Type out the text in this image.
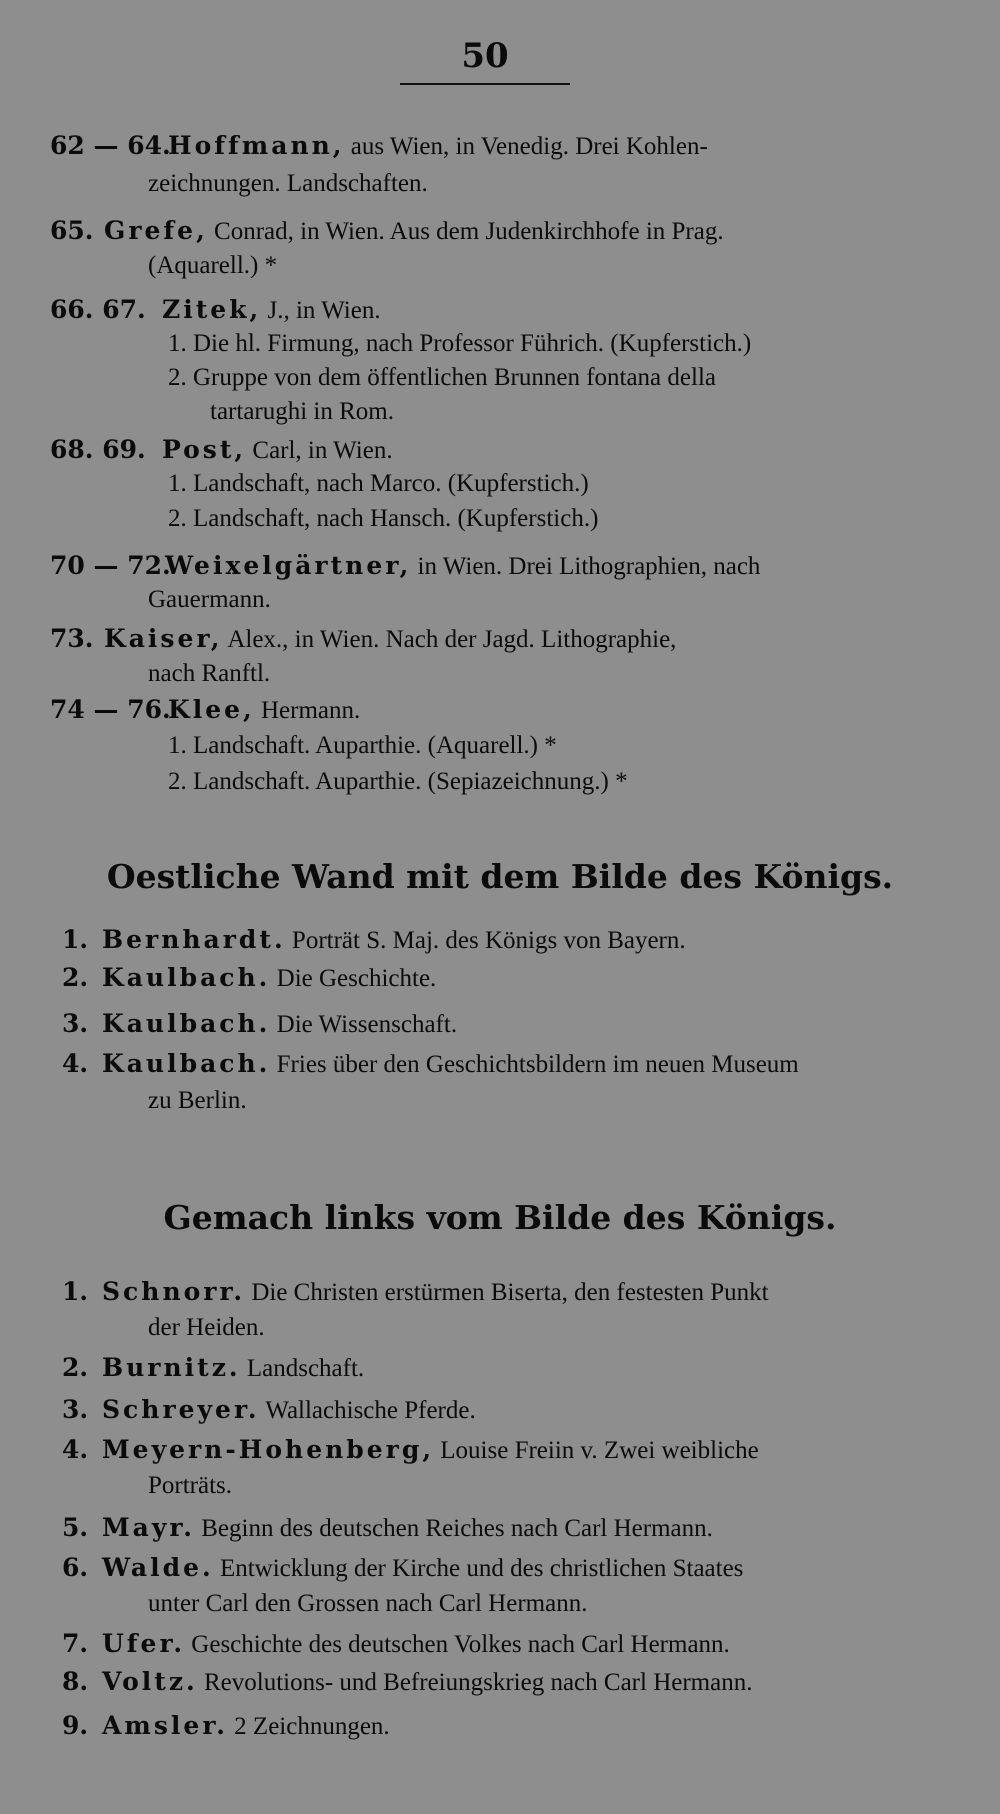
50
62 — 64.
Hoffmann, aus Wien, in Venedig. Drei Kohlen-
zeichnungen. Landschaften.
65. Grefe, Conrad, in Wien. Aus dem Judenkirchhofe in Prag.
(Aquarell.) *
66. 67. Zitek, J., in Wien.
1. Die hl. Firmung, nach Professor Führich. (Kupferstich.)
2. Gruppe von dem öffentlichen Brunnen fontana della
tartarughi in Rom.
68. 69. Post, Carl, in Wien.
1. Landschaft, nach Marco. (Kupferstich.)
2. Landschaft, nach Hansch. (Kupferstich.)
70 — 72.
Weixelgärtner, in Wien. Drei Lithographien, nach
Gauermann.
73. Kaiser, Alex., in Wien. Nach der Jagd. Lithographie,
nach Ranftl.
74 — 76.
Klee, Hermann.
1. Landschaft. Auparthie. (Aquarell.) *
2. Landschaft. Auparthie. (Sepiazeichnung.) *
Oestliche Wand mit dem Bilde des Königs.
1. Bernhardt. Porträt S. Maj. des Königs von Bayern.
2. Kaulbach. Die Geschichte.
3. Kaulbach. Die Wissenschaft.
4. Kaulbach. Fries über den Geschichtsbildern im neuen Museum
zu Berlin.
Gemach links vom Bilde des Königs.
1. Schnorr. Die Christen erstürmen Biserta, den festesten Punkt
der Heiden.
2. Burnitz. Landschaft.
3. Schreyer. Wallachische Pferde.
4. Meyern-Hohenberg, Louise Freiin v. Zwei weibliche
Porträts.
5. Mayr. Beginn des deutschen Reiches nach Carl Hermann.
6. Walde. Entwicklung der Kirche und des christlichen Staates
unter Carl den Grossen nach Carl Hermann.
7. Ufer. Geschichte des deutschen Volkes nach Carl Hermann.
8. Voltz. Revolutions- und Befreiungskrieg nach Carl Hermann.
9. Amsler. 2 Zeichnungen.
